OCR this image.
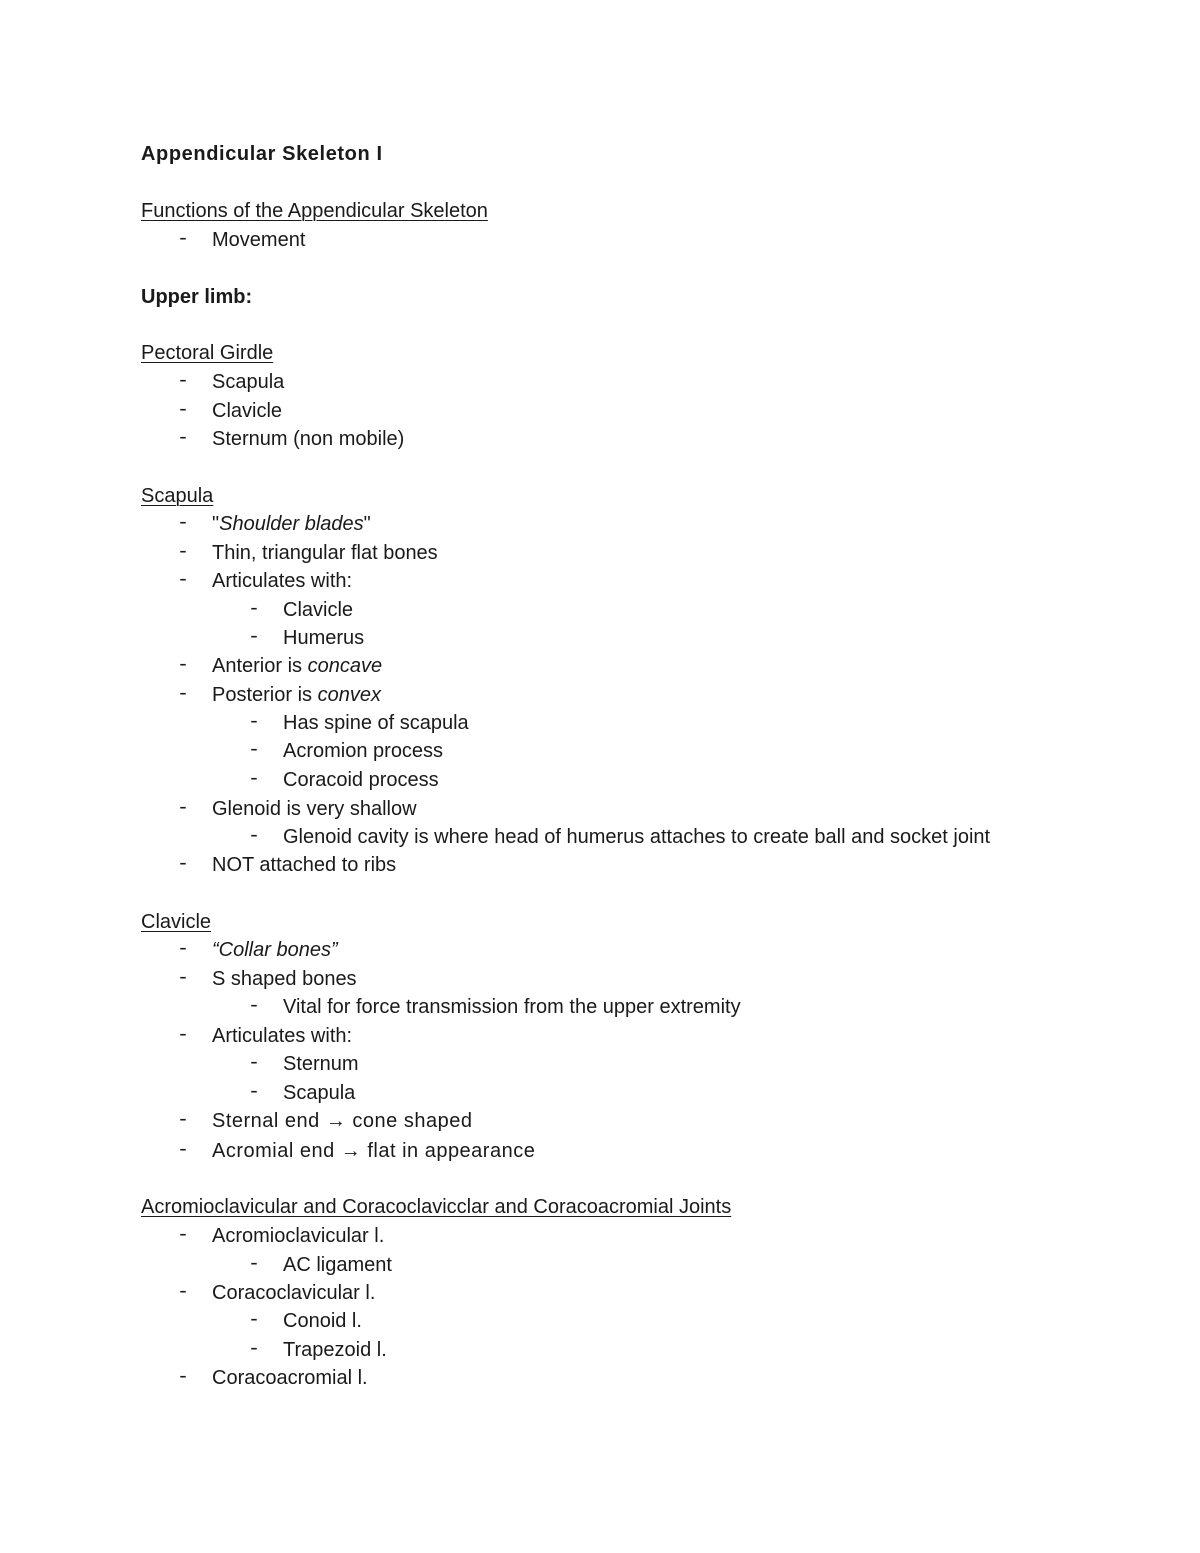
Appendicular Skeleton I
Functions of the Appendicular Skeleton
- Movement
Upper limb:
Pectoral Girdle
- Scapula
- Clavicle
- Sternum (non mobile)
Scapula
- "Shoulder blades"
- Thin, triangular flat bones
- Articulates with:
- Clavicle
- Humerus
- Anterior is concave
- Posterior is convex
- Has spine of scapula
- Acromion process
- Coracoid process
- Glenoid is very shallow
- Glenoid cavity is where head of humerus attaches to create ball and socket joint
- NOT attached to ribs
Clavicle
- “Collar bones”
- S shaped bones
- Vital for force transmission from the upper extremity
- Articulates with:
- Sternum
- Scapula
- Sternal end → cone shaped
- Acromial end → flat in appearance
Acromioclavicular and Coracoclavicclar and Coracoacromial Joints
- Acromioclavicular l.
- AC ligament
- Coracoclavicular l.
- Conoid l.
- Trapezoid l.
- Coracoacromial l.
